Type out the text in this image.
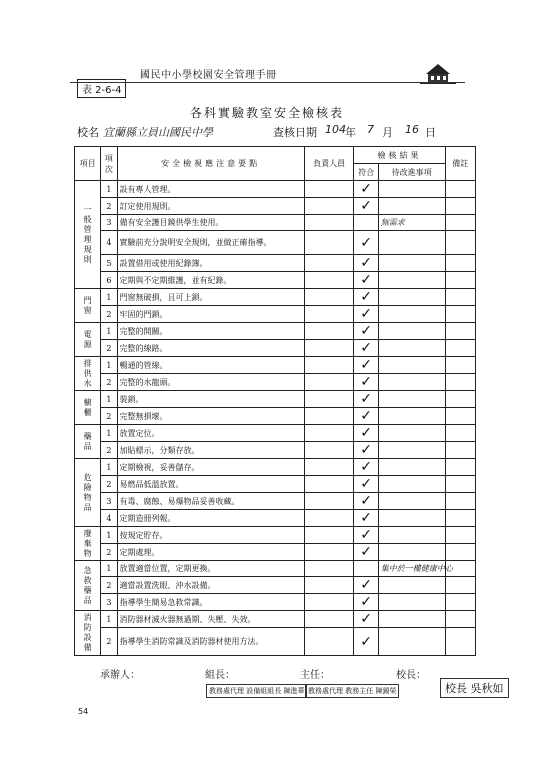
國民中小學校園安全管理手冊
表 2-6-4
各科實驗教室安全檢核表
校名 宜蘭縣立員山國民中學	查核日期 104 年 7 月 16 日
項目	項次	安全檢視應注意要點	負責人員	檢核結果		備註
				符合	待改進事項	
一般管理規則	1	設有專人管理。		✓		
	2	訂定使用規則。		✓		
	3	備有安全護目鏡供學生使用。			無需求	
	4	實驗前充分說明安全規則，並做正確指導。		✓		
	5	設置借用或使用紀錄簿。		✓		
	6	定期與不定期維護，並有紀錄。		✓		
門窗	1	門窗無破損，且可上鎖。		✓		
	2	牢固的門鎖。		✓		
電源	1	完整的開關。		✓		
	2	完整的線路。		✓		
排供水	1	暢通的管線。		✓		
	2	完整的水龍頭。		✓		
櫥櫃	1	裝鎖。		✓		
	2	完整無損壞。		✓		
藥品	1	放置定位。		✓		
	2	加貼標示，分類存放。		✓		
危險物品	1	定期檢視，妥善儲存。		✓		
	2	易燃品低溫放置。		✓		
	3	有毒、腐蝕、易爆物品妥善收藏。		✓		
	4	定期造冊列報。		✓		
廢棄物	1	按規定貯存。		✓		
	2	定期處理。		✓		
急救藥品	1	放置適當位置，定期更換。			集中於一樓健康中心	
	2	適當設置洗眼、沖水設備。		✓		
	3	指導學生簡易急救常識。		✓		
消防設備	1	消防器材滅火器無過期、失壓、失效。		✓		
	2	指導學生消防常識及消防器材使用方法。		✓		
承辦人：	組長：	主任：	校長：
教務處代理 設備組組長 陳進華 教務處代理 教務主任 陳錫榮	校長 吳秋如
54
